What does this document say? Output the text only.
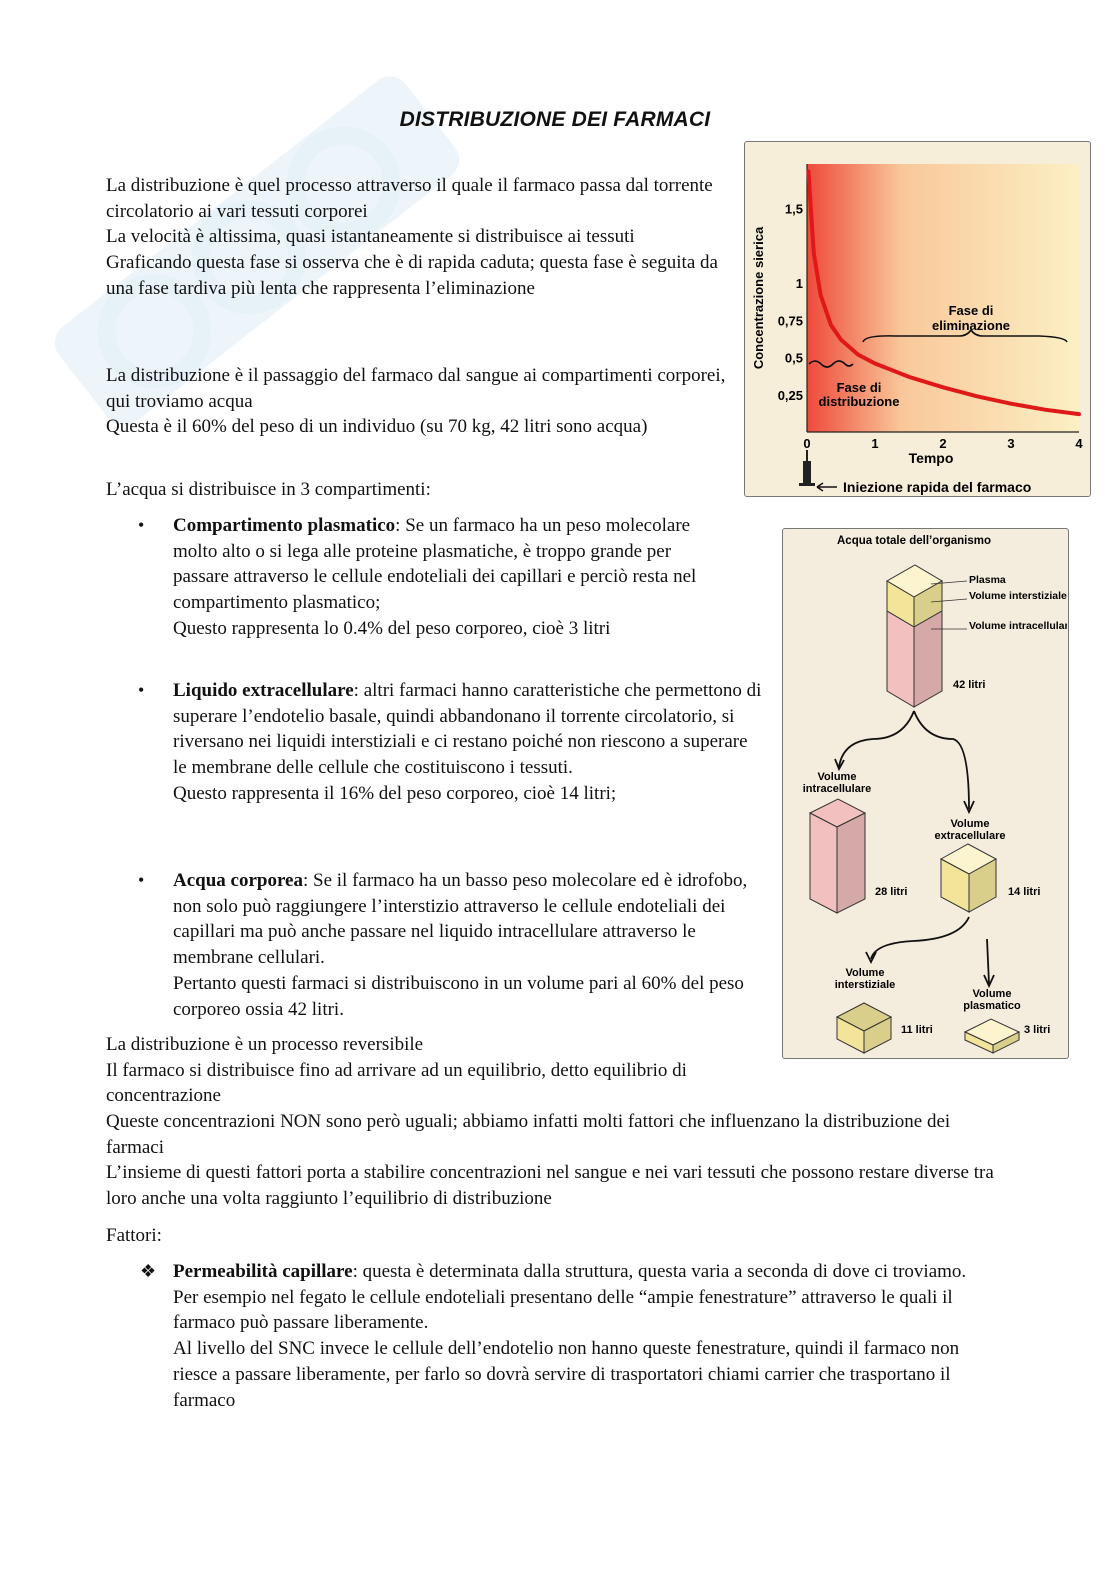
DISTRIBUZIONE DEI FARMACI

La distribuzione è quel processo attraverso il quale il farmaco passa dal torrente circolatorio ai vari tessuti corporei

La velocità è altissima, quasi istantaneamente si distribuisce ai tessuti

Graficando questa fase si osserva che è di rapida caduta; questa fase è seguita da una fase tardiva più lenta che rappresenta l’eliminazione

La distribuzione è il passaggio del farmaco dal sangue ai compartimenti corporei, qui troviamo acqua

Questa è il 60% del peso di un individuo (su 70 kg, 42 litri sono acqua)

L’acqua si distribuisce in 3 compartimenti:

• Compartimento plasmatico: Se un farmaco ha un peso molecolare molto alto o si lega alle proteine plasmatiche, è troppo grande per passare attraverso le cellule endoteliali dei capillari e perciò resta nel compartimento plasmatico;

Questo rappresenta lo 0.4% del peso corporeo, cioè 3 litri

• Liquido extracellulare: altri farmaci hanno caratteristiche che permettono di superare l’endotelio basale, quindi abbandonano il torrente circolatorio, si riversano nei liquidi interstiziali e ci restano poiché non riescono a superare le membrane delle cellule che costituiscono i tessuti.

Questo rappresenta il 16% del peso corporeo, cioè 14 litri;

• Acqua corporea: Se il farmaco ha un basso peso molecolare ed è idrofobo, non solo può raggiungere l’interstizio attraverso le cellule endoteliali dei capillari ma può anche passare nel liquido intracellulare attraverso le membrane cellulari.

Pertanto questi farmaci si distribuiscono in un volume pari al 60% del peso corporeo ossia 42 litri.

La distribuzione è un processo reversibile

Il farmaco si distribuisce fino ad arrivare ad un equilibrio, detto equilibrio di concentrazione

Queste concentrazioni NON sono però uguali; abbiamo infatti molti fattori che influenzano la distribuzione dei farmaci

L’insieme di questi fattori porta a stabilire concentrazioni nel sangue e nei vari tessuti che possono restare diverse tra loro anche una volta raggiunto l’equilibrio di distribuzione

Fattori:
❖ Permeabilità capillare: questa è determinata dalla struttura, questa varia a seconda di dove ci troviamo.

Per esempio nel fegato le cellule endoteliali presentano delle “ampie fenestrature” attraverso le quali il farmaco può passare liberamente.

Al livello del SNC invece le cellule dell’endotelio non hanno queste fenestrature, quindi il farmaco non riesce a passare liberamente, per farlo so dovrà servire di trasportatori chiami carrier che trasportano il farmaco

0,25
0,5
0,75
1
1,5
0	1	2	3	4
Concentrazione sierica
Tempo
Fase di
eliminazione
Fase di
distribuzione
Iniezione rapida del farmaco
Acqua totale dell’organismo
Plasma
Volume interstiziale
Volume intracellulare
42 litri
Volume
intracellulare
28 litri
Volume
extracellulare
14 litri
Volume
interstiziale
Volume
plasmatico
11 litri	3 litri
